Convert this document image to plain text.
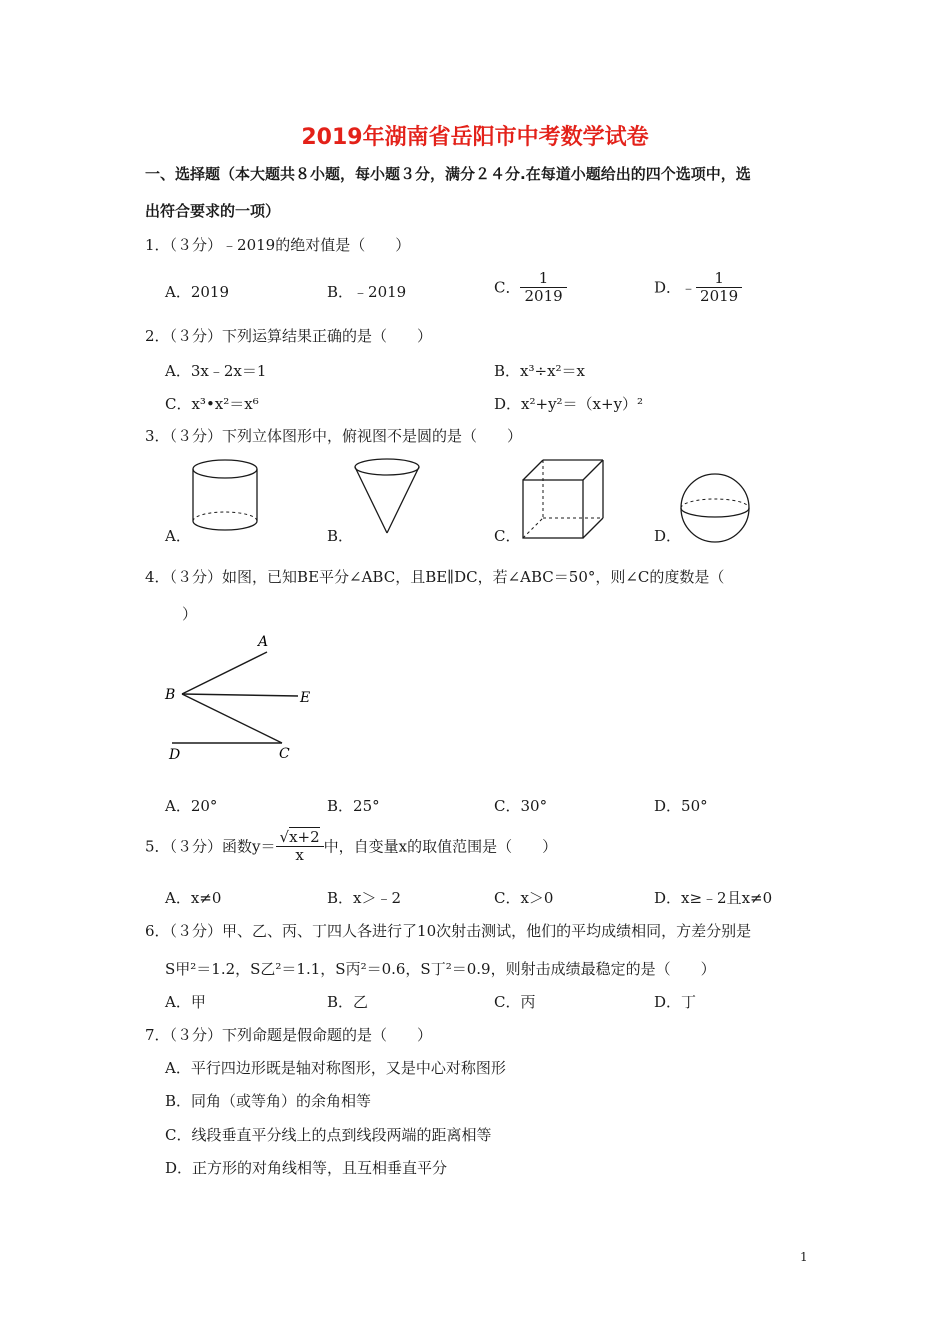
2019年湖南省岳阳市中考数学试卷
一、选择题（本大题共８小题，每小题３分，满分２４分.在每道小题给出的四个选项中，选
出符合要求的一项）
1．（３分）﹣2019的绝对值是（　　）
A．2019	B．﹣2019	C． $\frac{1}{2019}$	D．﹣ $\frac{1}{2019}$
2．（３分）下列运算结果正确的是（　　）
A．3x﹣2x＝1	B．x³÷x²＝x
C．x³•x²＝x⁶	D．x²+y²＝（x+y）²
3．（３分）下列立体图形中，俯视图不是圆的是（　　）
A．	B．	C．	D．
4．（３分）如图，已知BE平分∠ABC，且BE∥DC，若∠ABC＝50°，则∠C的度数是（
）
A
B	E
D	C
A．20°	B．25°	C．30°	D．50°
5．（３分）函数$y= \frac{√x+2}{x}$ 中，自变量x的取值范围是（　　）
A．x≠0	B．x＞﹣2	C．x＞0	D．x≥﹣2且x≠0
6．（３分）甲、乙、丙、丁四人各进行了10次射击测试，他们的平均成绩相同，方差分别是
S甲²＝1.2，S乙²＝1.1，S丙²＝0.6，S丁²＝0.9，则射击成绩最稳定的是（　　）
A．甲	B．乙	C．丙	D．丁
7．（３分）下列命题是假命题的是（　　）
A．平行四边形既是轴对称图形，又是中心对称图形
B．同角（或等角）的余角相等
C．线段垂直平分线上的点到线段两端的距离相等
D．正方形的对角线相等，且互相垂直平分
1
